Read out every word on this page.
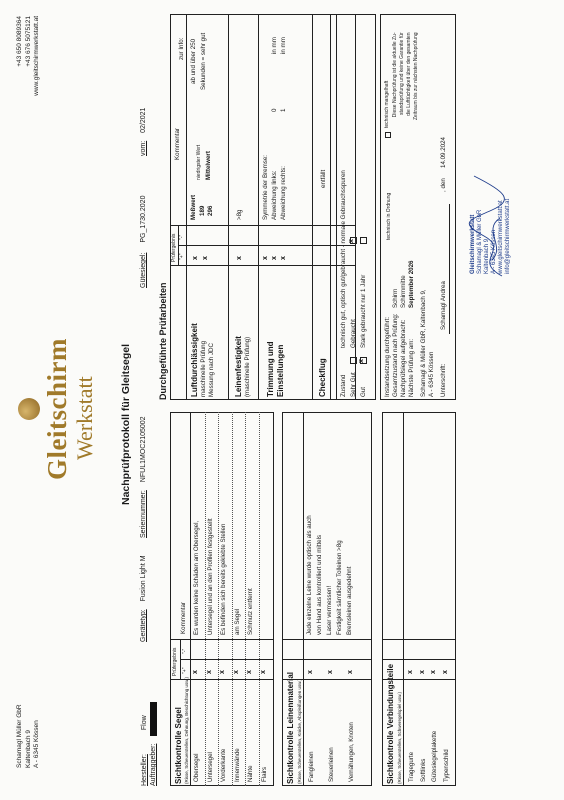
Schamagl Müller GbR Kaltenbach 9 A - 6345 Kössen
+43 650 8089364 +43 676 5075121 www.gleitschirmwerkstatt.at
Gleitschirm Werkstatt Nachprüfprotokoll für Gleitsegel
Hersteller: Flow
Auftraggeber:
Gerätetyp: Fusion Light M
Seriennummer: NFUL1MOC2105002
Gütesiegel: PG_1730.2020
vom: 02/2021
Durchgeführte Prüfarbeiten
Sichtkontrolle Segel (Risse, Scheuerstellen, Dehnung, Beschichtung usw.)
Prüfergebnis "+"
"-"
Kommentar
Sichtkontrolle Leinenmaterial (Risse, Scheuerstellen, Knicke, Abspleißungen usw.)	Sichtkontrolle Verbindungsteile (Risse, Scheuerstellen, Schweregelspiel usw.)
Prüfergebnis "+"
"-"
Kommentar
zur Info:
Luftdurchlässigkeit maschinelle Prüfung Messung nach JDC
x x
Meßwert
niedrigster Wert Mittelwert
189 296
ab und über 250 Sekunden = sehr gut
Leinenfestigkeit (maschinelle Prüfung)
x
>8g
Trimmung und Einstellungen
x x x
Symmetrie der Bremse: Abweichung links: Abweichung rechts:
0 1
in mm in mm
Checkflug
entfällt
Zustand
technisch gut, optisch gut/gebraucht - normale Gebrauchsspuren
Sehr Gut Gut
x
Gebraucht Stark gebraucht nur 1 Jahr
x
Instandsetzung durchgeführt: Gesamtzustand nach Prüfung:
Schirm
Nachprüfsiegel aufgebracht:
Schirmmitte
Nächste Prüfung am:
September 2026
technisch in Ordnung
technisch mangelhaft Diese Nachprüfung ist die aktuelle Zu- standsprüfung und keine Garantie für die Lufttüchtigkeit über den gesamten Zeitraum bis zur nächsten Nachprüfung
Schamagl & Müller GbR, Kaltenbach 9, A - 6345 Kössen Unterschrift:
Schamagl Andrea
, den
14.09.2024
Gleitschirmwerkstatt Schamagl & Müller GbR Kaltenbach 9 A - 6345 Kössen www.gleitschirmwerkstatt.at info@gleitschirmwerkstatt.at
Obersegel
x
Es wurden keine Schäden am Obersegel,
Untersegel
x
Untersegel und an den Profilen festgestellt
Vorderkante
x
Es befinden sich bereits geklebte Stellen
Innenwände
x
am Segel
Nähte
x
Schmutz entfernt
Flairs
x
Fangleinen
x
Steuerleinen
x
Vernähungen, Knoten
x
Jede einzelne Leine wurde optisch als auch von Hand aus kontrolliert und mittels Laser vermessen! Festigkeit sämtlicher Tolleinen >8g Bremsleinen ausgedehnt
Tragegurte
x
Softlinks
x
Gütesiegelplakette
x
Typenschild
x
